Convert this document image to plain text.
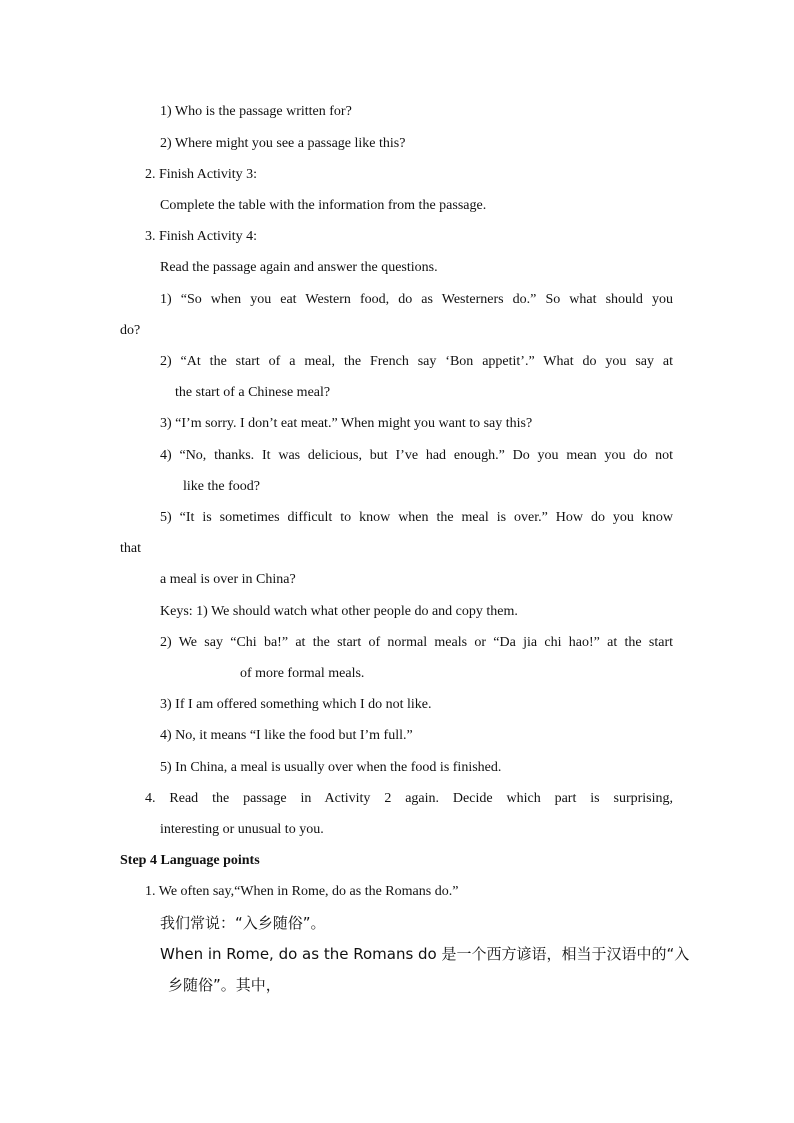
1) Who is the passage written for?
2) Where might you see a passage like this?
2. Finish Activity 3:
Complete the table with the information from the passage.
3. Finish Activity 4:
Read the passage again and answer the questions.
1) “So when you eat Western food, do as Westerners do.” So what should you
do?
2) “At the start of a meal, the French say ‘Bon appetit’.” What do you say at
the start of a Chinese meal?
3) “I’m sorry. I don’t eat meat.” When might you want to say this?
4) “No, thanks. It was delicious, but I’ve had enough.” Do you mean you do not
like the food?
5) “It is sometimes difficult to know when the meal is over.” How do you know
that
a meal is over in China?
Keys: 1) We should watch what other people do and copy them.
2) We say “Chi ba!” at the start of normal meals or “Da jia chi hao!” at the start
of more formal meals.
3) If I am offered something which I do not like.
4) No, it means “I like the food but I’m full.”
5) In China, a meal is usually over when the food is finished.
4. Read the passage in Activity 2 again. Decide which part is surprising,
interesting or unusual to you.
Step 4 Language points
1. We often say,“When in Rome, do as the Romans do.”
我们常说：“入乡随俗”。
When in Rome, do as the Romans do 是一个西方谚语，相当于汉语中的“入
乡随俗”。其中，
